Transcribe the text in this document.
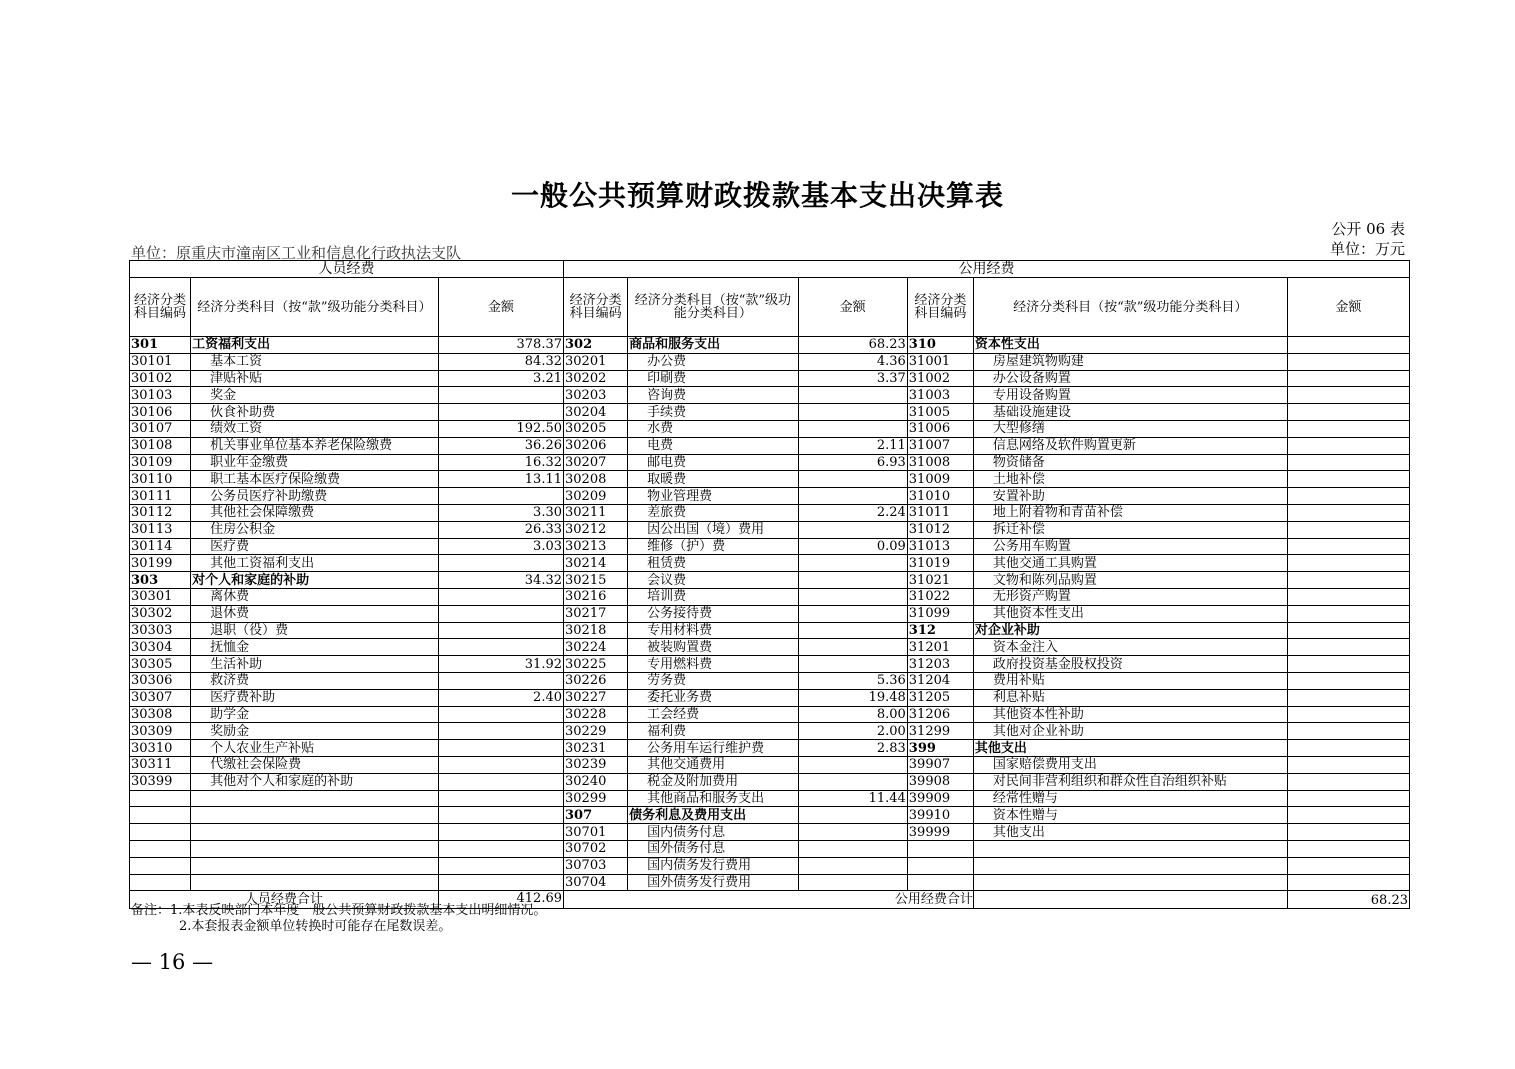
一般公共预算财政拨款基本支出决算表
公开 06 表
单位：原重庆市潼南区工业和信息化行政执法支队	单位：万元
人员经费			公用经费					
经济分类科目编码	经济分类科目（按“款”级功能分类科目）	金额	经济分类科目编码	经济分类科目（按“款”级功能分类科目）	金额	经济分类科目编码	经济分类科目（按“款”级功能分类科目）	金额
301	工资福利支出	378.37	302	商品和服务支出	68.23	310	资本性支出	
30101	基本工资	84.32	30201	办公费	4.36	31001	房屋建筑物购建	
30102	津贴补贴	3.21	30202	印刷费	3.37	31002	办公设备购置	
30103	奖金		30203	咨询费		31003	专用设备购置	
30106	伙食补助费		30204	手续费		31005	基础设施建设	
30107	绩效工资	192.50	30205	水费		31006	大型修缮	
30108	机关事业单位基本养老保险缴费	36.26	30206	电费	2.11	31007	信息网络及软件购置更新	
30109	职业年金缴费	16.32	30207	邮电费	6.93	31008	物资储备	
30110	职工基本医疗保险缴费	13.11	30208	取暖费		31009	土地补偿	
30111	公务员医疗补助缴费		30209	物业管理费		31010	安置补助	
30112	其他社会保障缴费	3.30	30211	差旅费	2.24	31011	地上附着物和青苗补偿	
30113	住房公积金	26.33	30212	因公出国（境）费用		31012	拆迁补偿	
30114	医疗费	3.03	30213	维修（护）费	0.09	31013	公务用车购置	
30199	其他工资福利支出		30214	租赁费		31019	其他交通工具购置	
303	对个人和家庭的补助	34.32	30215	会议费		31021	文物和陈列品购置	
30301	离休费		30216	培训费		31022	无形资产购置	
30302	退休费		30217	公务接待费		31099	其他资本性支出	
30303	退职（役）费		30218	专用材料费		312	对企业补助	
30304	抚恤金		30224	被装购置费		31201	资本金注入	
30305	生活补助	31.92	30225	专用燃料费		31203	政府投资基金股权投资	
30306	救济费		30226	劳务费	5.36	31204	费用补贴	
30307	医疗费补助	2.40	30227	委托业务费	19.48	31205	利息补贴	
30308	助学金		30228	工会经费	8.00	31206	其他资本性补助	
30309	奖励金		30229	福利费	2.00	31299	其他对企业补助	
30310	个人农业生产补贴		30231	公务用车运行维护费	2.83	399	其他支出	
30311	代缴社会保险费		30239	其他交通费用		39907	国家赔偿费用支出	
30399	其他对个人和家庭的补助		30240	税金及附加费用		39908	对民间非营利组织和群众性自治组织补贴	
			30299	其他商品和服务支出	11.44	39909	经常性赠与	
			307	债务利息及费用支出		39910	资本性赠与	
			30701	国内债务付息		39999	其他支出	
			30702	国外债务付息				
			30703	国内债务发行费用				
			30704	国外债务发行费用				
人员经费合计		412.69	公用经费合计					68.23
备注：1.本表反映部门本年度一般公共预算财政拨款基本支出明细情况。
2.本套报表金额单位转换时可能存在尾数误差。
— 16 —
